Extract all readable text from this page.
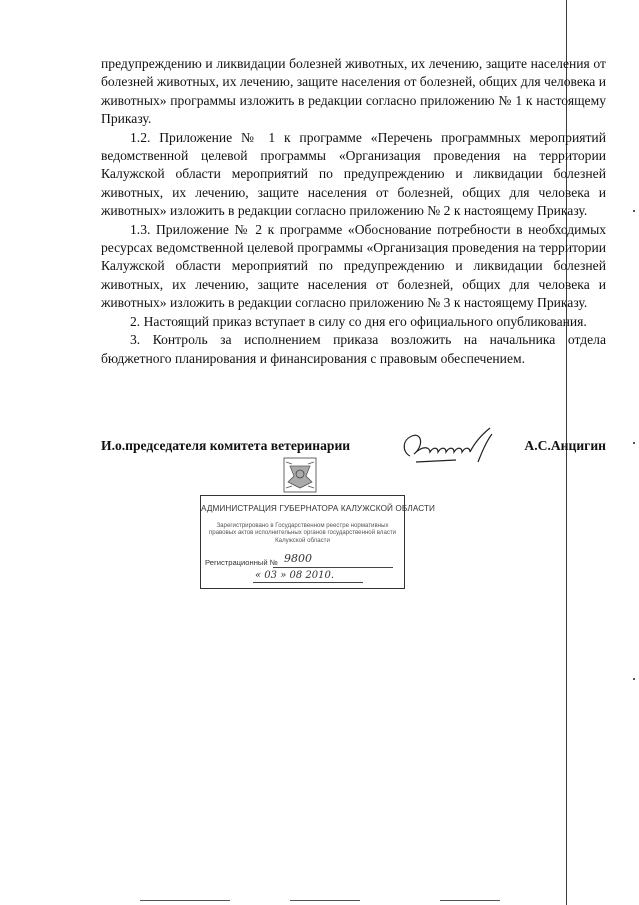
предупреждению и ликвидации болезней животных, их лечению, защите населения от болезней животных, их лечению, защите населения от болезней, общих для человека и животных» программы изложить в редакции согласно приложению № 1 к настоящему Приказу.

1.2. Приложение № 1 к программе «Перечень программных мероприятий ведомственной целевой программы «Организация проведения на территории Калужской области мероприятий по предупреждению и ликвидации болезней животных, их лечению, защите населения от болезней, общих для человека и животных» изложить в редакции согласно приложению № 2 к настоящему Приказу.

1.3. Приложение № 2 к программе «Обоснование потребности в необходимых ресурсах ведомственной целевой программы «Организация проведения на территории Калужской области мероприятий по предупреждению и ликвидации болезней животных, их лечению, защите населения от болезней, общих для человека и животных» изложить в редакции согласно приложению № 3 к настоящему Приказу.

2. Настоящий приказ вступает в силу со дня его официального опубликования.

3. Контроль за исполнением приказа возложить на начальника отдела бюджетного планирования и финансирования с правовым обеспечением.

И.о.председателя комитета ветеринарии	А.С.Анцигин
АДМИНИСТРАЦИЯ ГУБЕРНАТОРА КАЛУЖСКОЙ ОБЛАСТИ
Зарегистрировано в Государственном реестре нормативных правовых актов исполнительных органов государственной власти Калужской области
Регистрационный № 9800
« 03 » 08 2010.
